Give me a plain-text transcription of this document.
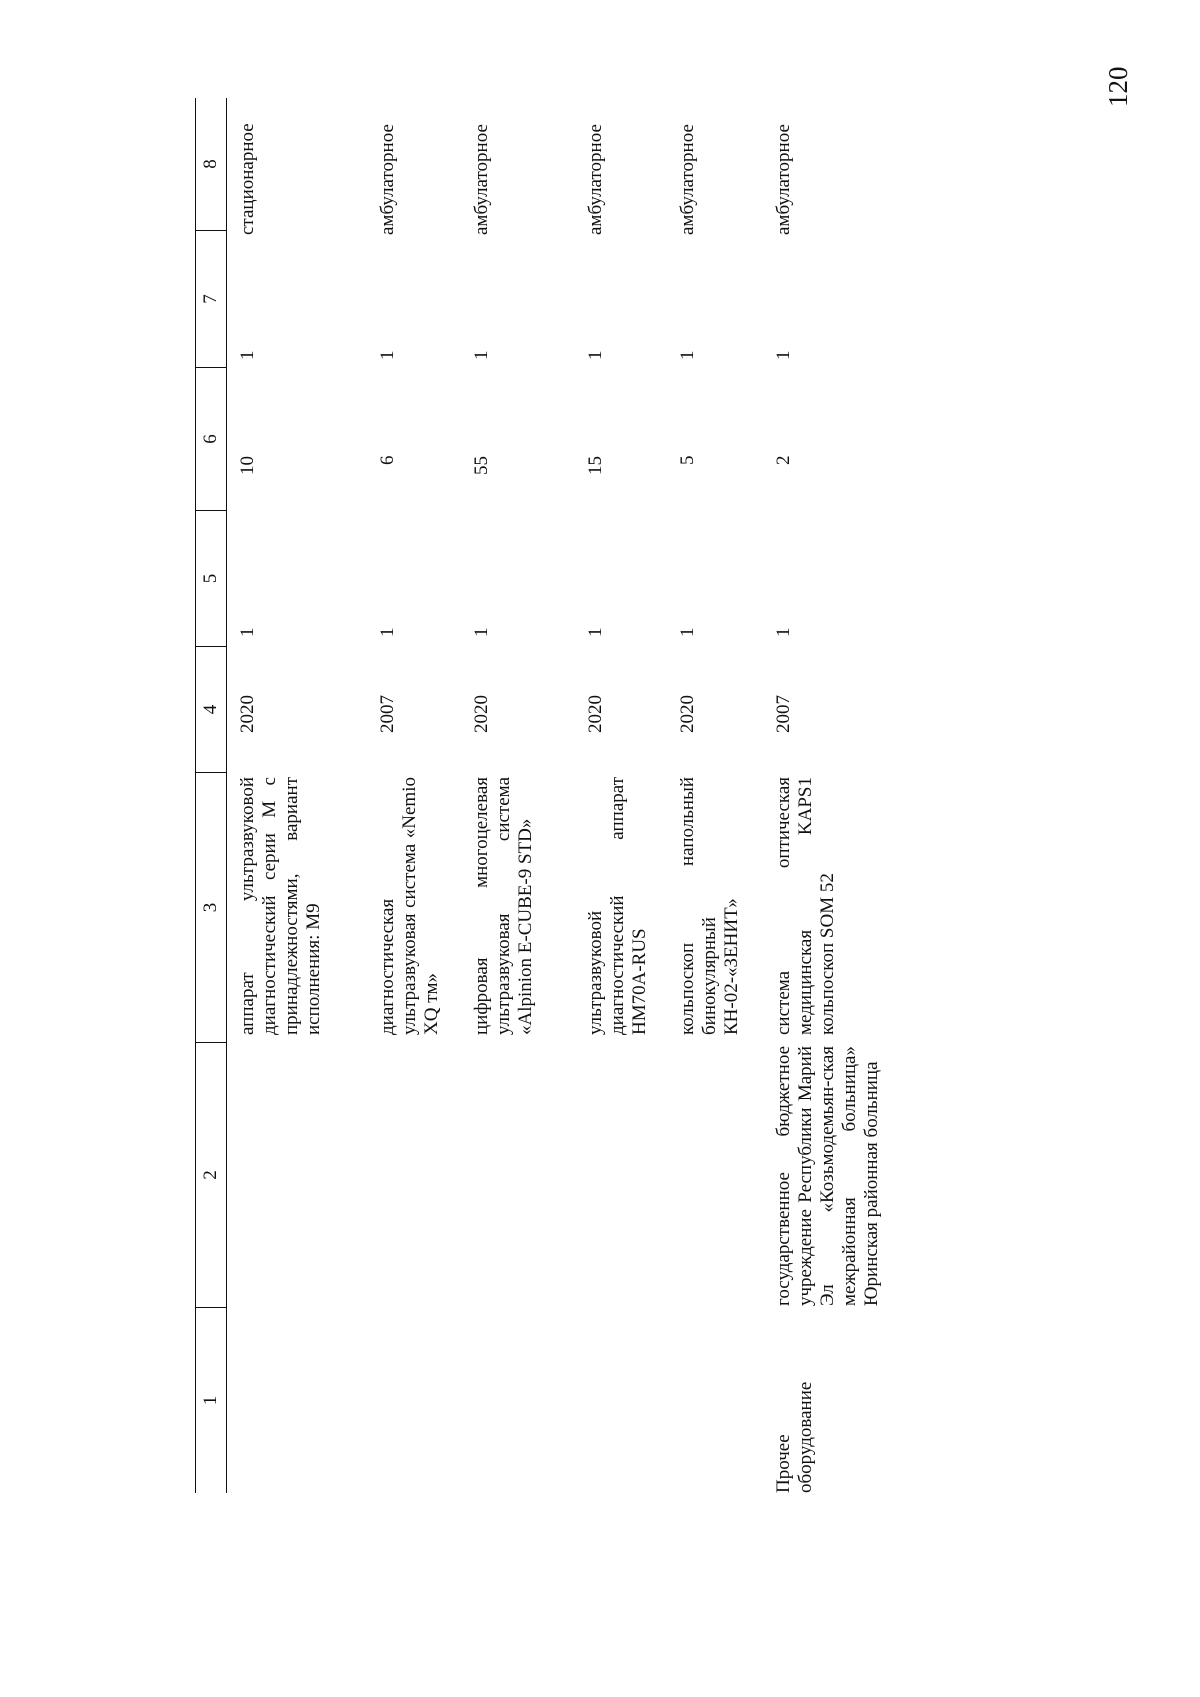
120
1
2
3
4
5
6
7
8
аппарат ультразвуковой диагностический серии М с принадлежностями, вариант исполнения: М9
2020
1
10
1
стационарное
диагностическая ультразвуковая система «Nemio XQ тм»
2007
1
6
1
амбулаторное
цифровая многоцелевая ультразвуковая система «Alpinion E-CUBE-9 STD»
2020
1
55
1
амбулаторное
ультразвуковой диагностический аппарат HM70A-RUS
2020
1
15
1
амбулаторное
кольпоскоп напольный бинокулярный КН-02-«ЗЕНИТ»
2020
1
5
1
амбулаторное
Прочее оборудование
государственное бюджетное учреждение Республики Марий Эл «Козьмодемьян-ская межрайонная больница» Юринская районная больница
система оптическая медицинская KAPS1 кольпоскоп SOM 52
2007
1
2
1
амбулаторное
